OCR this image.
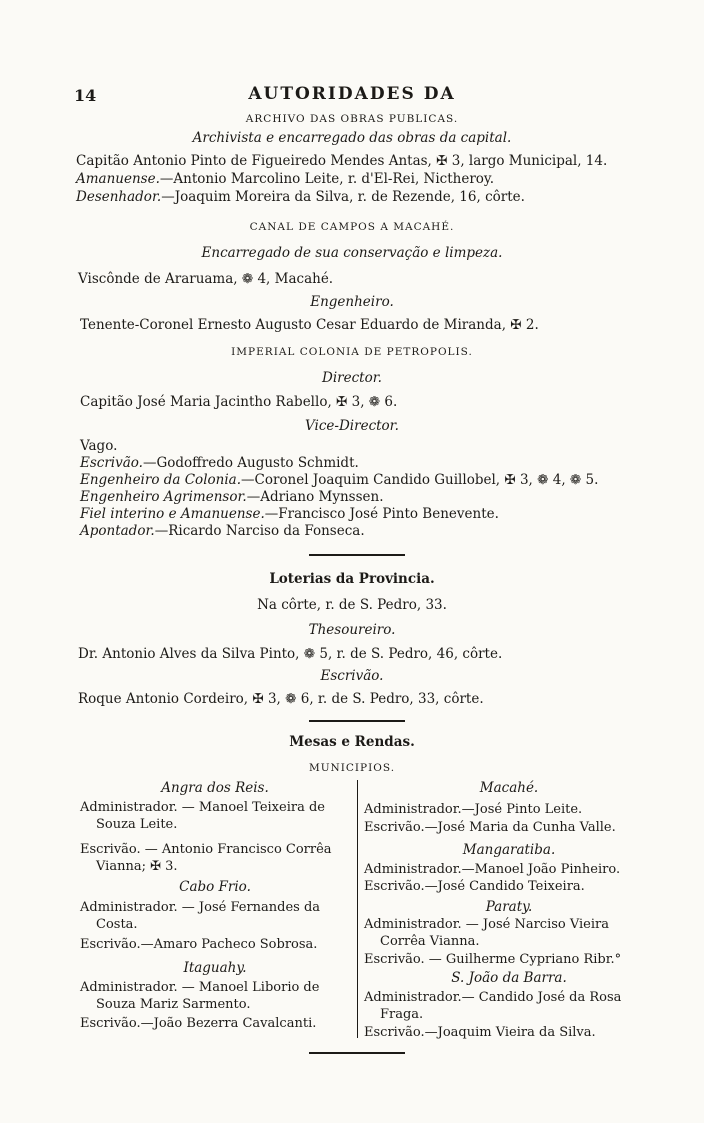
14	AUTORIDADES DA
ARCHIVO DAS OBRAS PUBLICAS.
Archivista e encarregado das obras da capital.
Capitão Antonio Pinto de Figueiredo Mendes Antas, ✠ 3, largo Municipal, 14.
Amanuense.—Antonio Marcolino Leite, r. d'El-Rei, Nictheroy.
Desenhador.—Joaquim Moreira da Silva, r. de Rezende, 16, côrte.
CANAL DE CAMPOS A MACAHÉ.
Encarregado de sua conservação e limpeza.
Viscônde de Araruama, ❁ 4, Macahé.
Engenheiro.
Tenente-Coronel Ernesto Augusto Cesar Eduardo de Miranda, ✠ 2.
IMPERIAL COLONIA DE PETROPOLIS.
Director.
Capitão José Maria Jacintho Rabello, ✠ 3, ❁ 6.
Vice-Director.
Vago.
Escrivão.—Godoffredo Augusto Schmidt.
Engenheiro da Colonia.—Coronel Joaquim Candido Guillobel, ✠ 3, ❁ 4, ❁ 5.
Engenheiro Agrimensor.—Adriano Mynssen.
Fiel interino e Amanuense.—Francisco José Pinto Benevente.
Apontador.—Ricardo Narciso da Fonseca.
Loterias da Provincia.
Na côrte, r. de S. Pedro, 33.
Thesoureiro.
Dr. Antonio Alves da Silva Pinto, ❁ 5, r. de S. Pedro, 46, côrte.
Escrivão.
Roque Antonio Cordeiro, ✠ 3, ❁ 6, r. de S. Pedro, 33, côrte.
Mesas e Rendas.
MUNICIPIOS.
Angra dos Reis.
Administrador. — Manoel Teixeira de
Souza Leite.
Escrivão. — Antonio Francisco Corrêa
Vianna; ✠ 3.
Cabo Frio.
Administrador. — José Fernandes da
Costa.
Escrivão.—Amaro Pacheco Sobrosa.
Itaguahy.
Administrador. — Manoel Liborio de
Souza Mariz Sarmento.
Escrivão.—João Bezerra Cavalcanti.
Macahé.
Administrador.—José Pinto Leite.
Escrivão.—José Maria da Cunha Valle.
Mangaratiba.
Administrador.—Manoel João Pinheiro.
Escrivão.—José Candido Teixeira.
Paraty.
Administrador. — José Narciso Vieira
Corrêa Vianna.
Escrivão. — Guilherme Cypriano Ribr.°
S. João da Barra.
Administrador.— Candido José da Rosa
Fraga.
Escrivão.—Joaquim Vieira da Silva.
